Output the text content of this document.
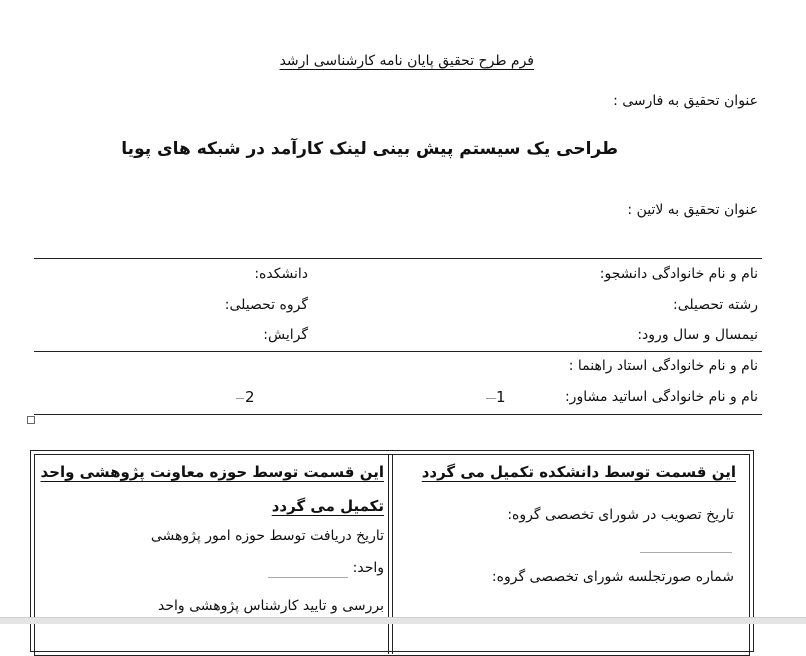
فرم طرح تحقیق پایان نامه کارشناسی ارشد
عنوان تحقیق به فارسی :
طراحی یک سیستم پیش بینی لینک کارآمد در شبکه های پویا
عنوان تحقیق به لاتین :
نام و نام خانوادگی دانشجو:
دانشکده:
رشته تحصیلی:
گروه تحصیلی:
نیمسال و سال ورود:
گرایش:
نام و نام خانوادگی استاد راهنما :
نام و نام خانوادگی اساتید مشاور:
1
2
این قسمت توسط دانشکده تکمیل می گردد
تاریخ تصویب در شورای تخصصی گروه:
شماره صورتجلسه شورای تخصصی گروه:
این قسمت توسط حوزه معاونت پژوهشی واحد
تکمیل می گردد
تاریخ دریافت توسط حوزه امور پژوهشی
واحد:
بررسی و تایید کارشناس پژوهشی واحد
